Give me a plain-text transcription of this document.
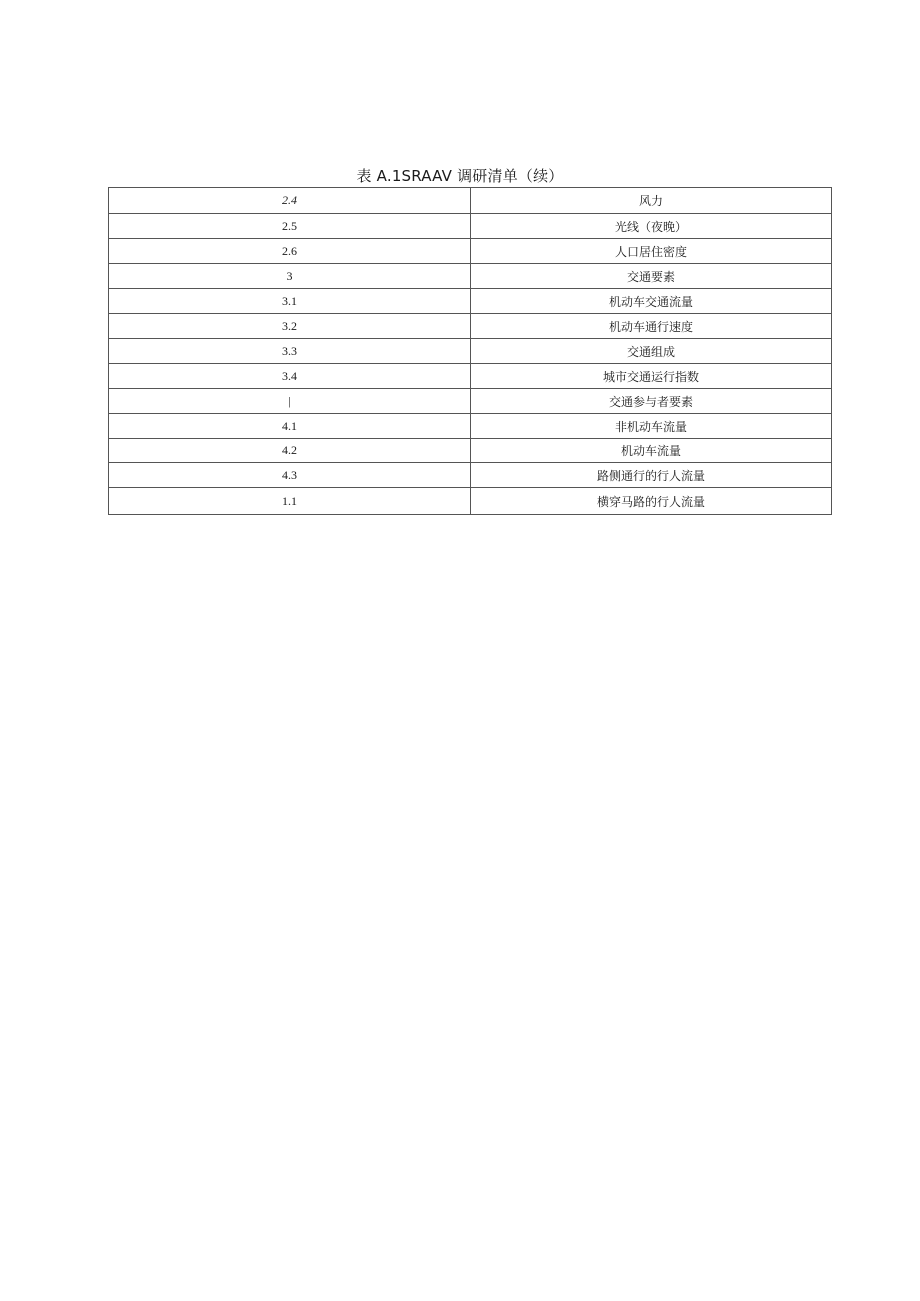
表 A.1SRAAV 调研清单（续）
2.4	风力
2.5	光线（夜晚）
2.6	人口居住密度
3	交通要素
3.1	机动车交通流量
3.2	机动车通行速度
3.3	交通组成
3.4	城市交通运行指数
|	交通参与者要素
4.1	非机动车流量
4.2	机动车流量
4.3	路侧通行的行人流量
1.1	横穿马路的行人流量
